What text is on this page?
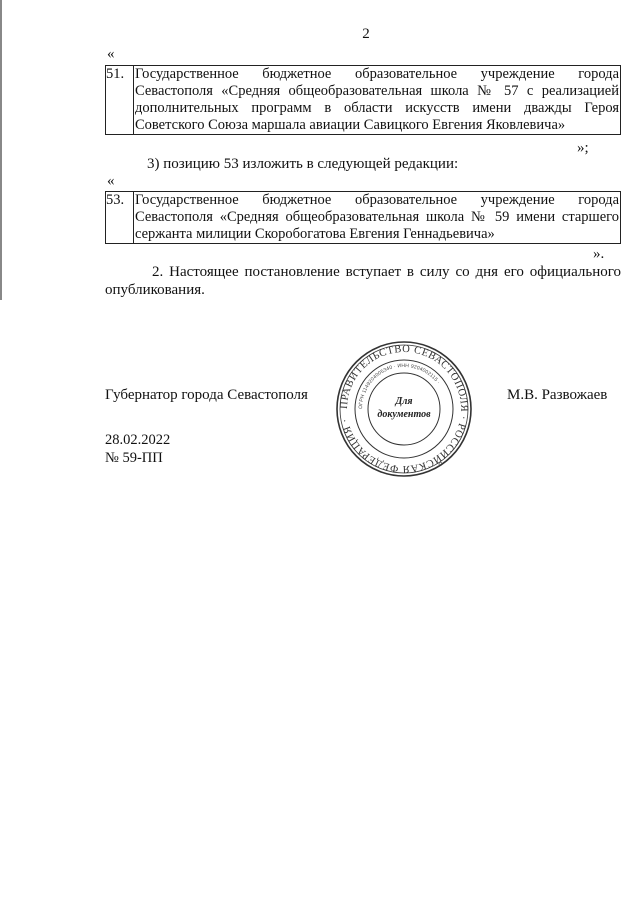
2
«
51.	Государственное бюджетное образовательное учреждение города Севастополя «Средняя общеобразовательная школа № 57 с реализацией дополнительных программ в области искусств имени дважды Героя Советского Союза маршала авиации Савицкого Евгения Яковлевича»
»;
3) позицию 53 изложить в следующей редакции:
«
53.	Государственное бюджетное образовательное учреждение города Севастополя «Средняя общеобразовательная школа № 59 имени старшего сержанта милиции Скоробогатова Евгения Геннадьевича»
».
2. Настоящее постановление вступает в силу со дня его официального опубликования.
Губернатор города Севастополя	М.В. Развожаев
ПРАВИТЕЛЬСТВО СЕВАСТОПОЛЯ · РОССИЙСКАЯ ФЕДЕРАЦИЯ ·
ОГРН 1149204005340 · ИНН 9204002115 ·
Для
документов
28.02.2022
№ 59-ПП
